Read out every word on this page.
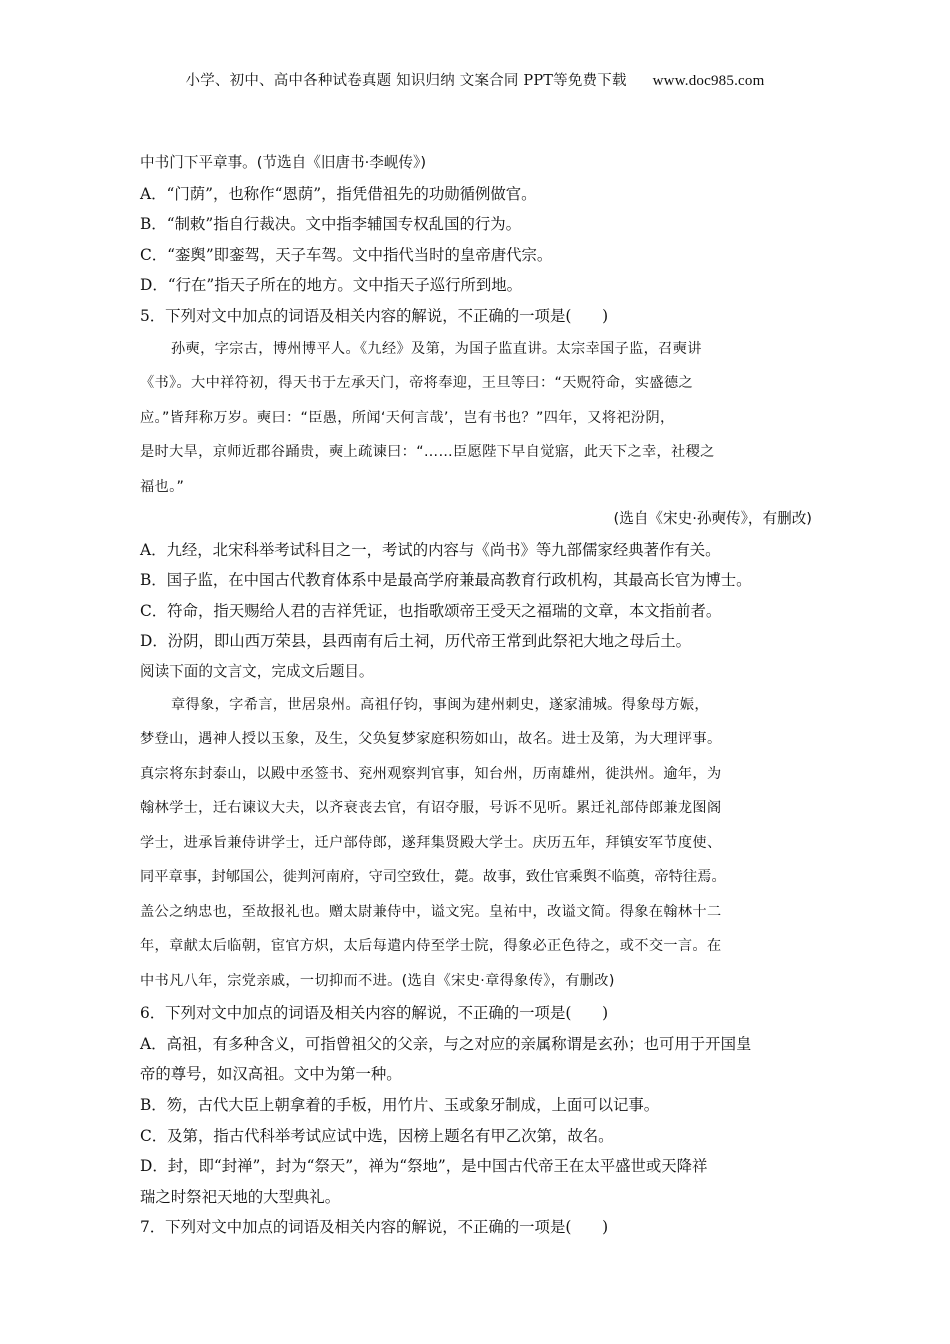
小学、初中、高中各种试卷真题 知识归纳 文案合同 PPT等免费下载 www.doc985.com
中书门下平章事。(节选自《旧唐书·李岘传》)
A．“门荫”，也称作“恩荫”，指凭借祖先的功勋循例做官。
B．“制敕”指自行裁决。文中指李辅国专权乱国的行为。
C．“銮舆”即銮驾，天子车驾。文中指代当时的皇帝唐代宗。
D．“行在”指天子所在的地方。文中指天子巡行所到地。
5．下列对文中加点的词语及相关内容的解说，不正确的一项是(　　)
孙奭，字宗古，博州博平人。《九经》及第，为国子监直讲。太宗幸国子监，召奭讲
《书》。大中祥符初，得天书于左承天门，帝将奉迎，王旦等曰：“天贶符命，实盛德之
应。”皆拜称万岁。奭曰：“臣愚，所闻‘天何言哉’，岂有书也？”四年，又将祀汾阴，
是时大旱，京师近郡谷踊贵，奭上疏谏曰：“……臣愿陛下早自觉寤，此天下之幸，社稷之
福也。”
(选自《宋史·孙奭传》，有删改)
A．九经，北宋科举考试科目之一，考试的内容与《尚书》等九部儒家经典著作有关。
B．国子监，在中国古代教育体系中是最高学府兼最高教育行政机构，其最高长官为博士。
C．符命，指天赐给人君的吉祥凭证，也指歌颂帝王受天之福瑞的文章，本文指前者。
D．汾阴，即山西万荣县，县西南有后土祠，历代帝王常到此祭祀大地之母后土。
阅读下面的文言文，完成文后题目。
章得象，字希言，世居泉州。高祖仔钧，事闽为建州刺史，遂家浦城。得象母方娠，
梦登山，遇神人授以玉象，及生，父奂复梦家庭积笏如山，故名。进士及第，为大理评事。
真宗将东封泰山，以殿中丞签书、兖州观察判官事，知台州，历南雄州，徙洪州。逾年，为
翰林学士，迁右谏议大夫，以齐衰丧去官，有诏夺服，号诉不见听。累迁礼部侍郎兼龙图阁
学士，进承旨兼侍讲学士，迁户部侍郎，遂拜集贤殿大学士。庆历五年，拜镇安军节度使、
同平章事，封郇国公，徙判河南府，守司空致仕，薨。故事，致仕官乘舆不临奠，帝特往焉。
盖公之纳忠也，至故报礼也。赠太尉兼侍中，谥文宪。皇祐中，改谥文简。得象在翰林十二
年，章献太后临朝，宦官方炽，太后每遣内侍至学士院，得象必正色待之，或不交一言。在
中书凡八年，宗党亲戚，一切抑而不进。(选自《宋史·章得象传》，有删改)
6．下列对文中加点的词语及相关内容的解说，不正确的一项是(　　)
A．高祖，有多种含义，可指曾祖父的父亲，与之对应的亲属称谓是玄孙；也可用于开国皇
帝的尊号，如汉高祖。文中为第一种。
B．笏，古代大臣上朝拿着的手板，用竹片、玉或象牙制成，上面可以记事。
C．及第，指古代科举考试应试中选，因榜上题名有甲乙次第，故名。
D．封，即“封禅”，封为“祭天”，禅为“祭地”，是中国古代帝王在太平盛世或天降祥
瑞之时祭祀天地的大型典礼。
7．下列对文中加点的词语及相关内容的解说，不正确的一项是(　　)
